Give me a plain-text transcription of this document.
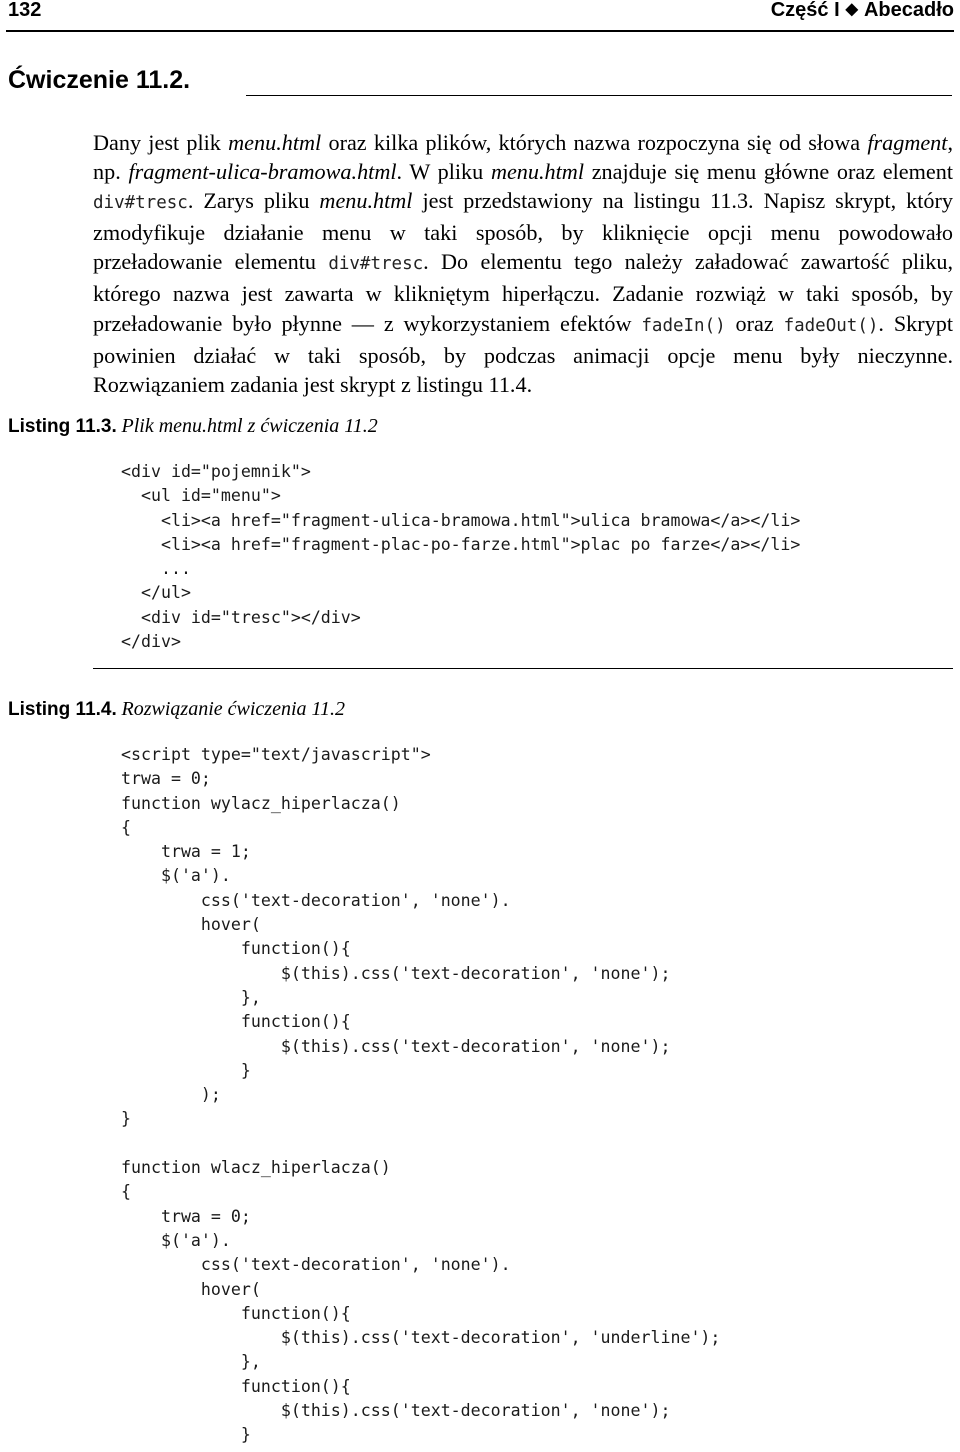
132	Część I ◆ Abecadło
Ćwiczenie 11.2.

Dany jest plik menu.html oraz kilka plików, których nazwa rozpoczyna się od słowa fragment, np. fragment-ulica-bramowa.html. W pliku menu.html znajduje się menu główne oraz element div#tresc. Zarys pliku menu.html jest przedstawiony na listingu 11.3. Napisz skrypt, który zmodyfikuje działanie menu w taki sposób, by kliknięcie opcji menu powodowało przeładowanie elementu div#tresc. Do elementu tego należy załadować zawartość pliku, którego nazwa jest zawarta w klikniętym hiperłączu. Zadanie rozwiąż w taki sposób, by przeładowanie było płynne — z wykorzystaniem efektów fadeIn() oraz fadeOut(). Skrypt powinien działać w taki sposób, by podczas animacji opcje menu były nieczynne. Rozwiązaniem zadania jest skrypt z listingu 11.4.

Listing 11.3. Plik menu.html z ćwiczenia 11.2
<div id="pojemnik">
<ul id="menu">
<li><a href="fragment-ulica-bramowa.html">ulica bramowa</a></li>
<li><a href="fragment-plac-po-farze.html">plac po farze</a></li>
...
</ul>
<div id="tresc"></div>
</div>
Listing 11.4. Rozwiązanie ćwiczenia 11.2
<script type="text/javascript">
trwa = 0;
function wylacz_hiperlacza()
{
trwa = 1;
$('a').
css('text-decoration', 'none').
hover(
function(){
$(this).css('text-decoration', 'none');
},
function(){
$(this).css('text-decoration', 'none');
}
);
}

function wlacz_hiperlacza()
{
trwa = 0;
$('a').
css('text-decoration', 'none').
hover(
function(){
$(this).css('text-decoration', 'underline');
},
function(){
$(this).css('text-decoration', 'none');
}
